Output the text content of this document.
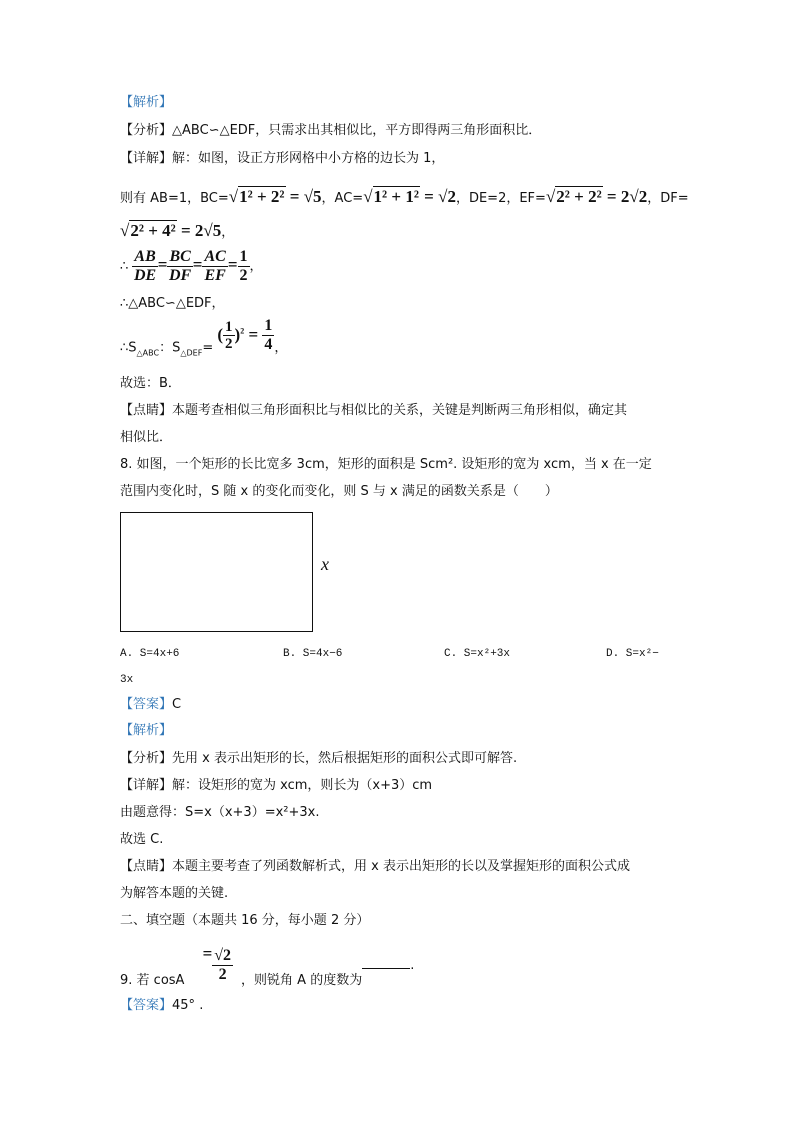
【解析】
【分析】△ABC∽△EDF，只需求出其相似比，平方即得两三角形面积比．
【详解】解：如图，设正方形网格中小方格的边长为 1，
则有 AB=1，BC=√1² + 2² = √5，AC=√1² + 1² = √2，DE=2，EF=√2² + 2² = 2√2，DF=
√2² + 4² = 2√5，
∴ $\frac{AB}{DE} = \frac{BC}{DF} = \frac{AC}{EF} = \frac{1}{2}$ ，
∴△ABC∽△EDF，
$\therefore S_{\triangle ABC}$：$S_{\triangle DEF}=$ ( $\frac{1}{2} )^2 = \frac{1}{4}$ ，
故选：B．
【点睛】本题考查相似三角形面积比与相似比的关系，关键是判断两三角形相似，确定其
相似比．
8. 如图，一个矩形的长比宽多 3cm，矩形的面积是 Scm². 设矩形的宽为 xcm，当 x 在一定
范围内变化时，S 随 x 的变化而变化，则 S 与 x 满足的函数关系是（　　）
x
A. S=4x+6	B. S=4x−6	C. S=x²+3x	D. S=x²−
3x
【答案】C
【解析】
【分析】先用 x 表示出矩形的长，然后根据矩形的面积公式即可解答.
【详解】解：设矩形的宽为 xcm，则长为（x+3）cm
由题意得：S=x（x+3）=x²+3x.
故选 C.
【点睛】本题主要考查了列函数解析式，用 x 表示出矩形的长以及掌握矩形的面积公式成
为解答本题的关键.
二、填空题（本题共 16 分，每小题 2 分）
9. 若 $\cos A = \frac{√2}{2}$ ，则锐角 A 的度数为.
【答案】45° .
